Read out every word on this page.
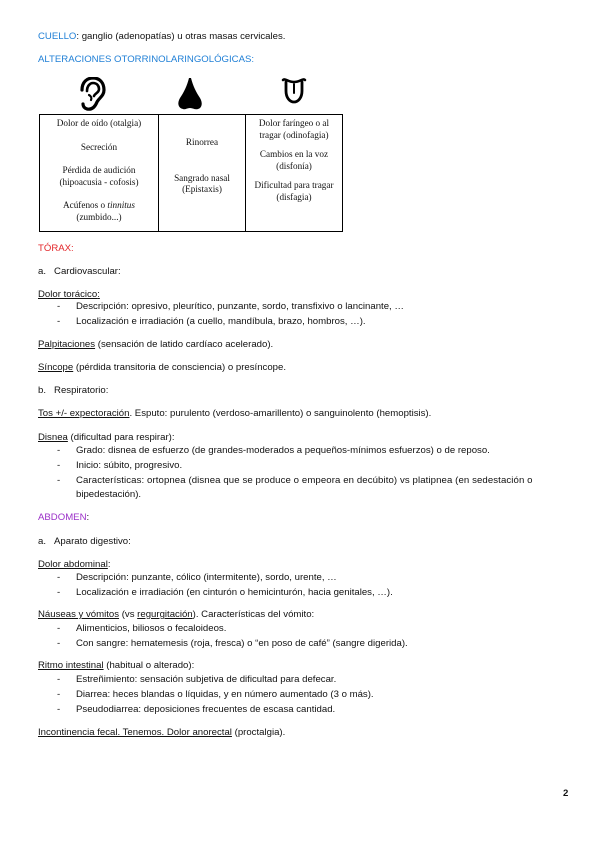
CUELLO: ganglio (adenopatías) u otras masas cervicales.
ALTERACIONES OTORRINOLARINGOLÓGICAS:
Dolor de oído (otalgia)
Secreción
Pérdida de audición (hipoacusia - cofosis)
Acúfenos o tinnitus (zumbido...)

Rinorrea
Sangrado nasal (Epistaxis)

Dolor faríngeo o al tragar (odinofagia)
Cambios en la voz (disfonía)
Dificultad para tragar (disfagia)
TÓRAX:
a. Cardiovascular:
Dolor torácico:
-	Descripción: opresivo, pleurítico, punzante, sordo, transfixivo o lancinante, …
-	Localización e irradiación (a cuello, mandíbula, brazo, hombros, …).
Palpitaciones (sensación de latido cardíaco acelerado).
Síncope (pérdida transitoria de consciencia) o presíncope.
b. Respiratorio:
Tos +/- expectoración. Esputo: purulento (verdoso-amarillento) o sanguinolento (hemoptisis).
Disnea (dificultad para respirar):
-	Grado: disnea de esfuerzo (de grandes-moderados a pequeños-mínimos esfuerzos) o de reposo.
-	Inicio: súbito, progresivo.
-	Características: ortopnea (disnea que se produce o empeora en decúbito) vs platipnea (en sedestación o
bipedestación).
ABDOMEN:
a. Aparato digestivo:
Dolor abdominal:
-	Descripción: punzante, cólico (intermitente), sordo, urente, …
-	Localización e irradiación (en cinturón o hemicinturón, hacia genitales, …).
Náuseas y vómitos (vs regurgitación). Características del vómito:
-	Alimenticios, biliosos o fecaloideos.
-	Con sangre: hematemesis (roja, fresca) o “en poso de café” (sangre digerida).
Ritmo intestinal (habitual o alterado):
-	Estreñimiento: sensación subjetiva de dificultad para defecar.
-	Diarrea: heces blandas o líquidas, y en número aumentado (3 o más).
-	Pseudodiarrea: deposiciones frecuentes de escasa cantidad.
Incontinencia fecal. Tenemos. Dolor anorectal (proctalgia).
2
